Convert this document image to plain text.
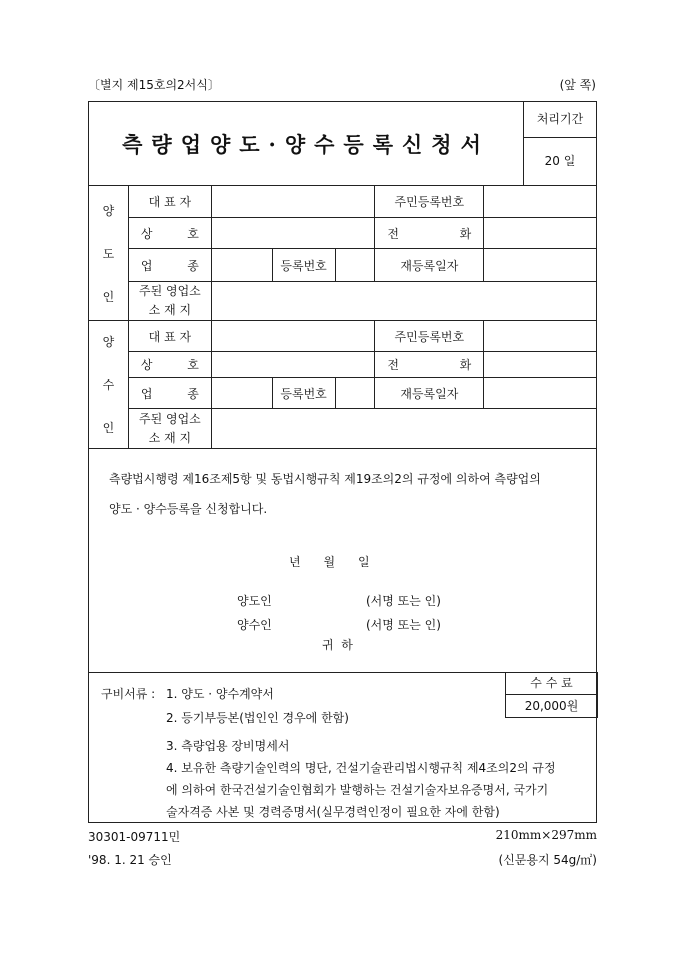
〔별지 제15호의2서식〕	(앞 쪽)
측량업양도·양수등록신청서
처리기간
20 일
양
도
인	대 표 자				주민등록번호	

	상 호				전 화	

	업 종		등록번호		재등록일자	

	주된 영업소
소 재 지					

양
수
인	대 표 자				주민등록번호	

	상 호				전 화	

	업 종		등록번호		재등록일자	

	주된 영업소
소 재 지					

측량법시행령 제16조제5항 및 동법시행규칙 제19조의2의 규정에 의하여 측량업의

양도 · 양수등록을 신청합니다.

년      월      일

양도인	(서명 또는 인)

양수인	(서명 또는 인)

귀  하

구비서류 : 1. 양도 · 양수계약서

2. 등기부등본(법인인 경우에 한함)

3. 측량업용 장비명세서

4. 보유한 측량기술인력의 명단, 건설기술관리법시행규칙 제4조의2의 규정

에 의하여 한국건설기술인협회가 발행하는 건설기술자보유증명서, 국가기

술자격증 사본 및 경력증명서(실무경력인정이 필요한 자에 한함)

수 수 료
20,000원
30301-09711민
'98. 1. 21 승인
210mm×297mm
(신문용지 54g/㎡)
